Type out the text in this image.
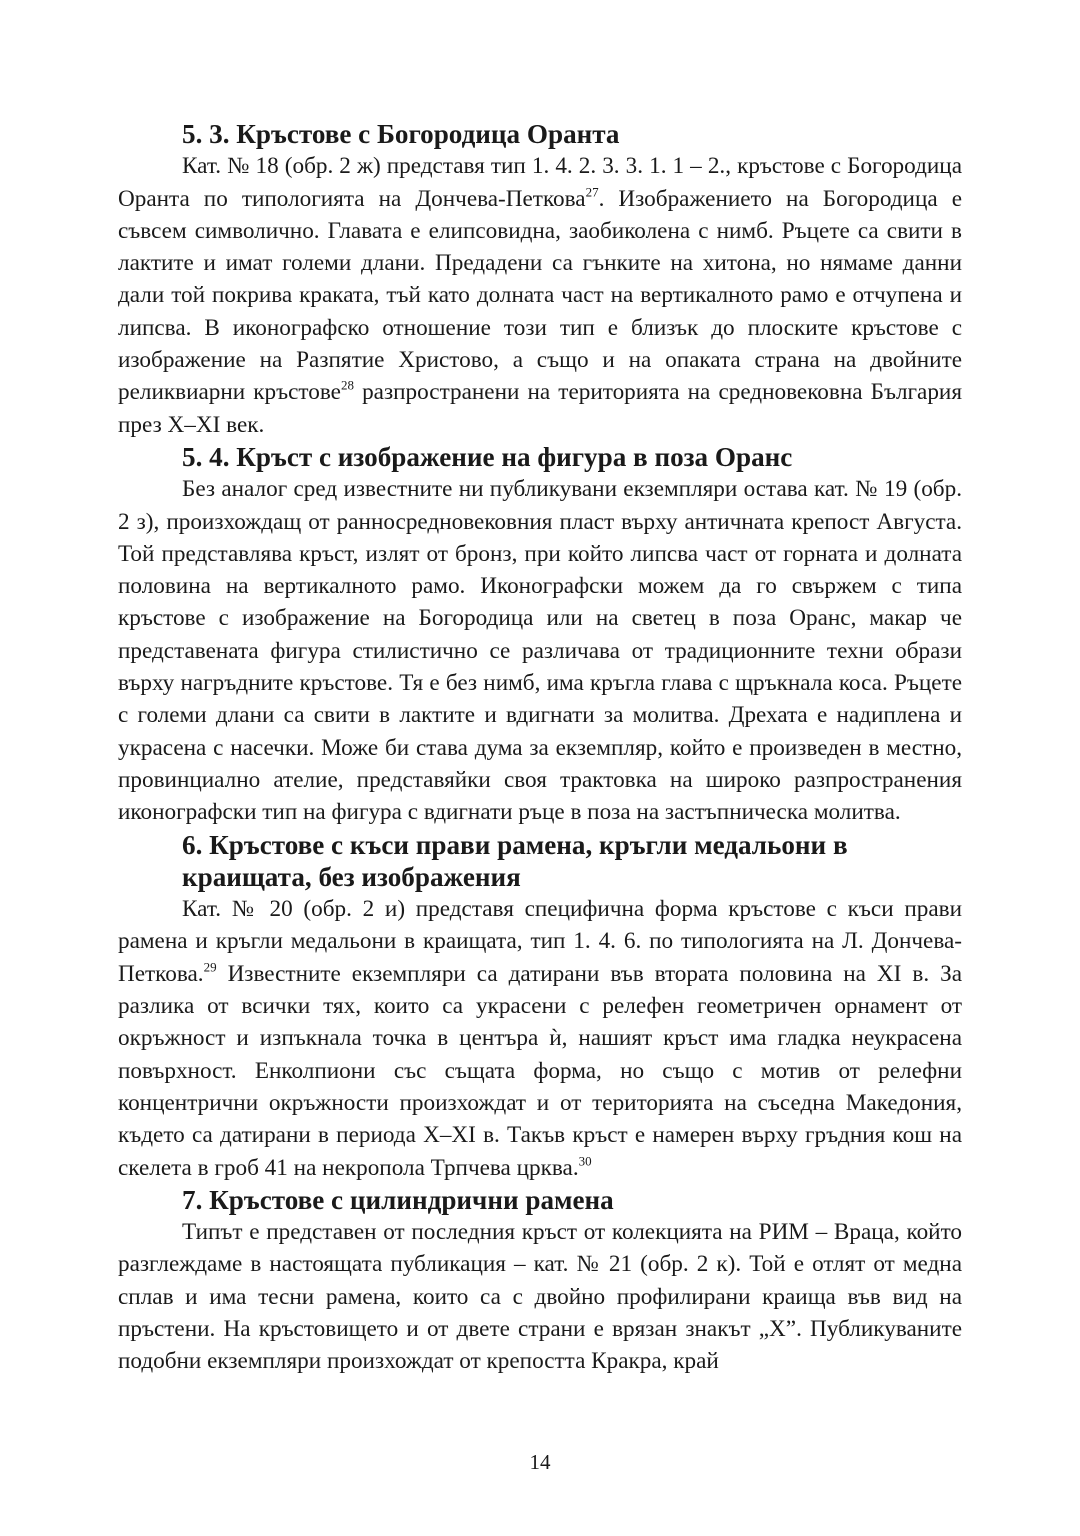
5. 3. Кръстове с Богородица Оранта

Кат. № 18 (обр. 2 ж) представя тип 1. 4. 2. 3. 3. 1. 1 – 2., кръстове с Богородица Оранта по типологията на Дончева-Петкова$^{27}$. Изображението на Богородица е съвсем символично. Главата е елипсовидна, заобиколена с нимб. Ръцете са свити в лактите и имат големи длани. Предадени са гънките на хитона, но нямаме данни дали той покрива краката, тъй като долната част на вертикалното рамо е отчупена и липсва. В иконографско отношение този тип е близък до плоските кръстове с изображение на Разпятие Христово, а също и на опаката страна на двойните реликвиарни кръстове$^{28}$ разпространени на територията на средновековна България през X–XI век.

5. 4. Кръст с изображение на фигура в поза Оранс

Без аналог сред известните ни публикувани екземпляри остава кат. № 19 (обр. 2 з), произхождащ от ранносредновековния пласт върху античната крепост Августа. Той представлява кръст, излят от бронз, при който липсва част от горната и долната половина на вертикалното рамо. Иконографски можем да го свържем с типа кръстове с изображение на Богородица или на светец в поза Оранс, макар че представената фигура стилистично се различава от традиционните техни образи върху нагръдните кръстове. Тя е без нимб, има кръгла глава с щръкнала коса. Ръцете с големи длани са свити в лактите и вдигнати за молитва. Дрехата е надиплена и украсена с насечки. Може би става дума за екземпляр, който е произведен в местно, провинциално ателие, представяйки своя трактовка на широко разпространения иконографски тип на фигура с вдигнати ръце в поза на застъпническа молитва.

6. Кръстове с къси прави рамена, кръгли медальони в краищата, без изображения

Кат. № 20 (обр. 2 и) представя специфична форма кръстове с къси прави рамена и кръгли медальони в краищата, тип 1. 4. 6. по типологията на Л. Дончева-Петкова.$^{29}$ Известните екземпляри са датирани във втората половина на XI в. За разлика от всички тях, които са украсени с релефен геометричен орнамент от окръжност и изпъкнала точка в центъра ѝ, нашият кръст има гладка неукрасена повърхност. Енколпиони със същата форма, но също с мотив от релефни концентрични окръжности произхождат и от територията на съседна Македония, където са датирани в периода X–XI в. Такъв кръст е намерен върху гръдния кош на скелета в гроб 41 на некропола Трпчева црква.$^{30}$

7. Кръстове с цилиндрични рамена

Типът е представен от последния кръст от колекцията на РИМ – Враца, който разглеждаме в настоящата публикация – кат. № 21 (обр. 2 к). Той е отлят от медна сплав и има тесни рамена, които са с двойно профилирани краища във вид на пръстени. На кръстовището и от двете страни е врязан знакът „Х”. Публикуваните подобни екземпляри произхождат от крепостта Кракра, край

14
